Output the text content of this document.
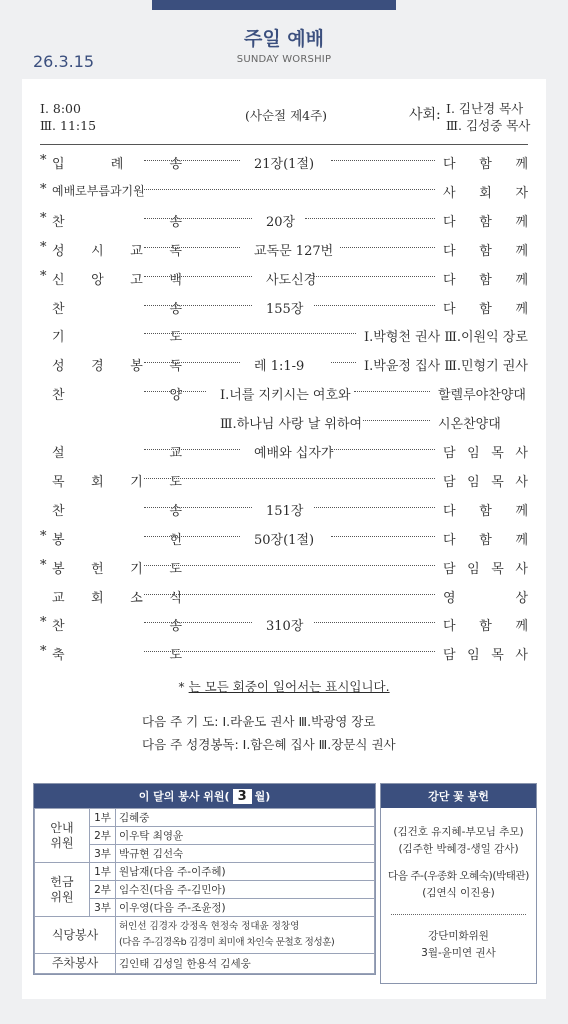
주일 예배
SUNDAY WORSHIP
26.3.15
Ⅰ. 8:00
Ⅲ. 11:15
(사순절 제4주)	사회: Ⅰ. 김난경 목사
Ⅲ. 김성중 목사
* 입	례	송	21장(1절)	다 함 께
* 예배로부름과기원	사 회 자
* 찬	송	20장	다 함 께
* 성 시 교 독	교독문 127번	다 함 께
* 신 앙 고 백	사도신경	다 함 께
찬	송	155장	다 함 께
기	도	Ⅰ.박형천 권사 Ⅲ.이원익 장로
성 경 봉 독	레 1:1-9	Ⅰ.박윤정 집사 Ⅲ.민형기 권사
찬	양	Ⅰ.너를 지키시는 여호와	할렐루야찬양대
Ⅲ.하나님 사랑 날 위하여	시온찬양대
설	교	예배와 십자가	담 임 목 사
목 회 기 도	담 임 목 사
찬	송	151장	다 함 께
* 봉	헌	50장(1절)	다 함 께
* 봉 헌 기 도	담 임 목 사
교 회 소 식	영	상
* 찬	송	310장	다 함 께
* 축	도	담 임 목 사
* 는 모든 회중이 일어서는 표시입니다.
다음 주 기 도: Ⅰ.라윤도 권사 Ⅲ.박광영 장로
다음 주 성경봉독: Ⅰ.함은혜 집사 Ⅲ.장문식 권사
이 달의 봉사 위원( 3 월)
안내
위원	1부	김혜중
	2부	이우탁 최영윤
	3부	박규현 김선숙
헌금
위원	1부	원남재(다음 주-이주헤)
	2부	임수진(다음 주-김민아)
	3부	이우영(다음 주-조윤정)
식당봉사		허인선 김경자 강정옥 현정숙 정대윤 정창영
(다음 주-김경옥b 김경미 최미애 차인숙 문철호 정성훈)

주차봉사		김인태 김성일 한용석 김세웅
강단 꽃 봉헌
(김건호 유지혜-부모님 추모)
(김주한 박혜경-생일 감사)
다음 주-(우종화 오혜숙)(박태관)
(김연식 이진용)
강단미화위원
3월-윤미연 권사
